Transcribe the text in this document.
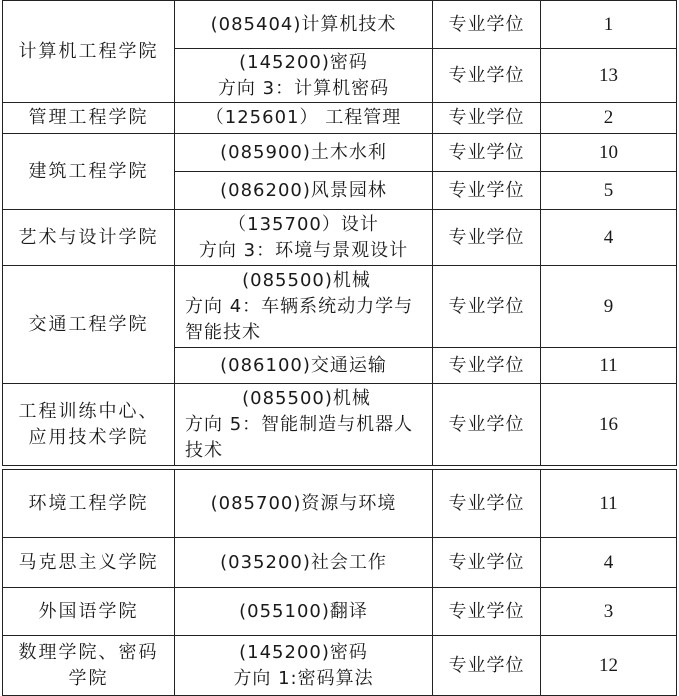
计算机工程学院	(085404)计算机技术	专业学位	1

	(145200)密码
方向 3：计算机密码	专业学位	13
管理工程学院	（125601） 工程管理	专业学位	2
建筑工程学院	(085900)土木水利	专业学位	10

	(086200)风景园林	专业学位	5
艺术与设计学院	（135700）设计
方向 3：环境与景观设计	专业学位	4
交通工程学院	(085500)机械
方向 4：车辆系统动力学与
智能技术	专业学位	9

	(086100)交通运输	专业学位	11

工程训练中心、
应用技术学院	(085500)机械
方向 5：智能制造与机器人
技术	专业学位	16
环境工程学院	(085700)资源与环境	专业学位	11
马克思主义学院	(035200)社会工作	专业学位	4
外国语学院	(055100)翻译	专业学位	3

数理学院、密码
学院	(145200)密码
方向 1:密码算法	专业学位	12
